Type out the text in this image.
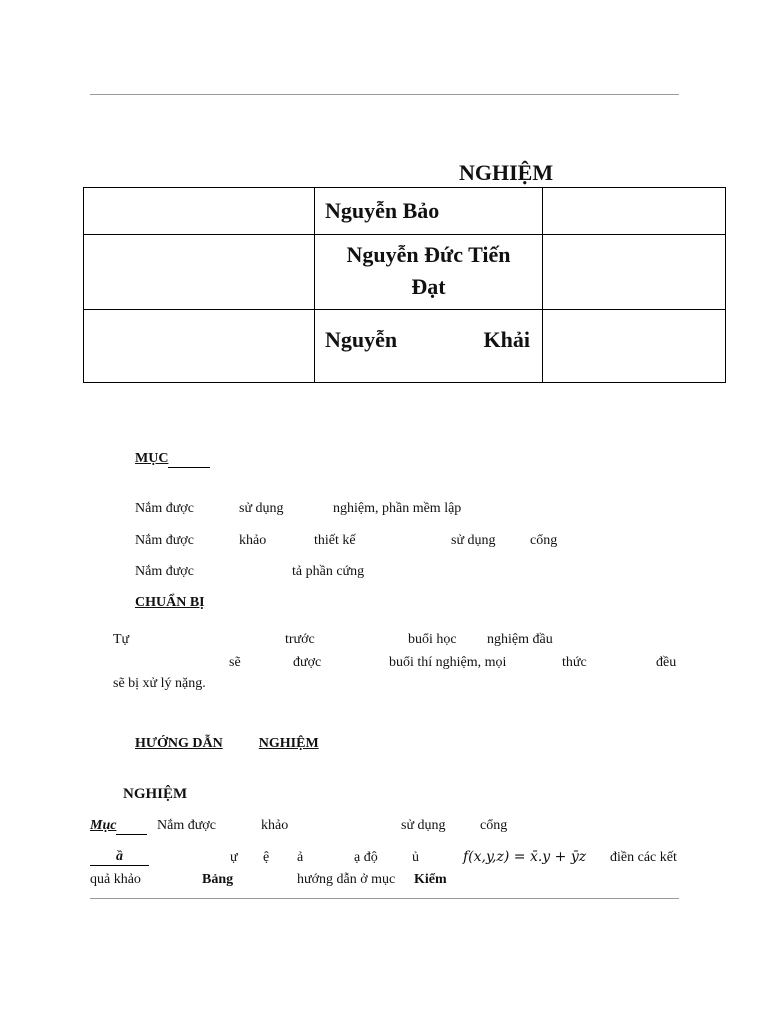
NGHIỆM
	Nguyễn Bảo	
	Nguyễn Đức Tiến
Đạt	

	Nguyễn Khải	

MỤC
Nắm được	sử dụng	nghiệm, phần mềm lập
Nắm được	khảo	thiết kế	sử dụng cổng
Nắm được	tả phần cứng
CHUẨN BỊ
Tự	trước	buổi học nghiệm đầu
sẽ	được	buổi thí nghiệm, mọi	thức	đều
sẽ bị xử lý nặng.
HƯỚNG DẪN	NGHIỆM
NGHIỆM
Mục	Nắm được	khảo	sử dụng cổng
ầ	ự ệ ả	ạ độ ủ	f(x,y,z) = x̄.y + ȳz điền các kết
quả khảo	Bảng	hướng dẫn ở mục Kiểm
